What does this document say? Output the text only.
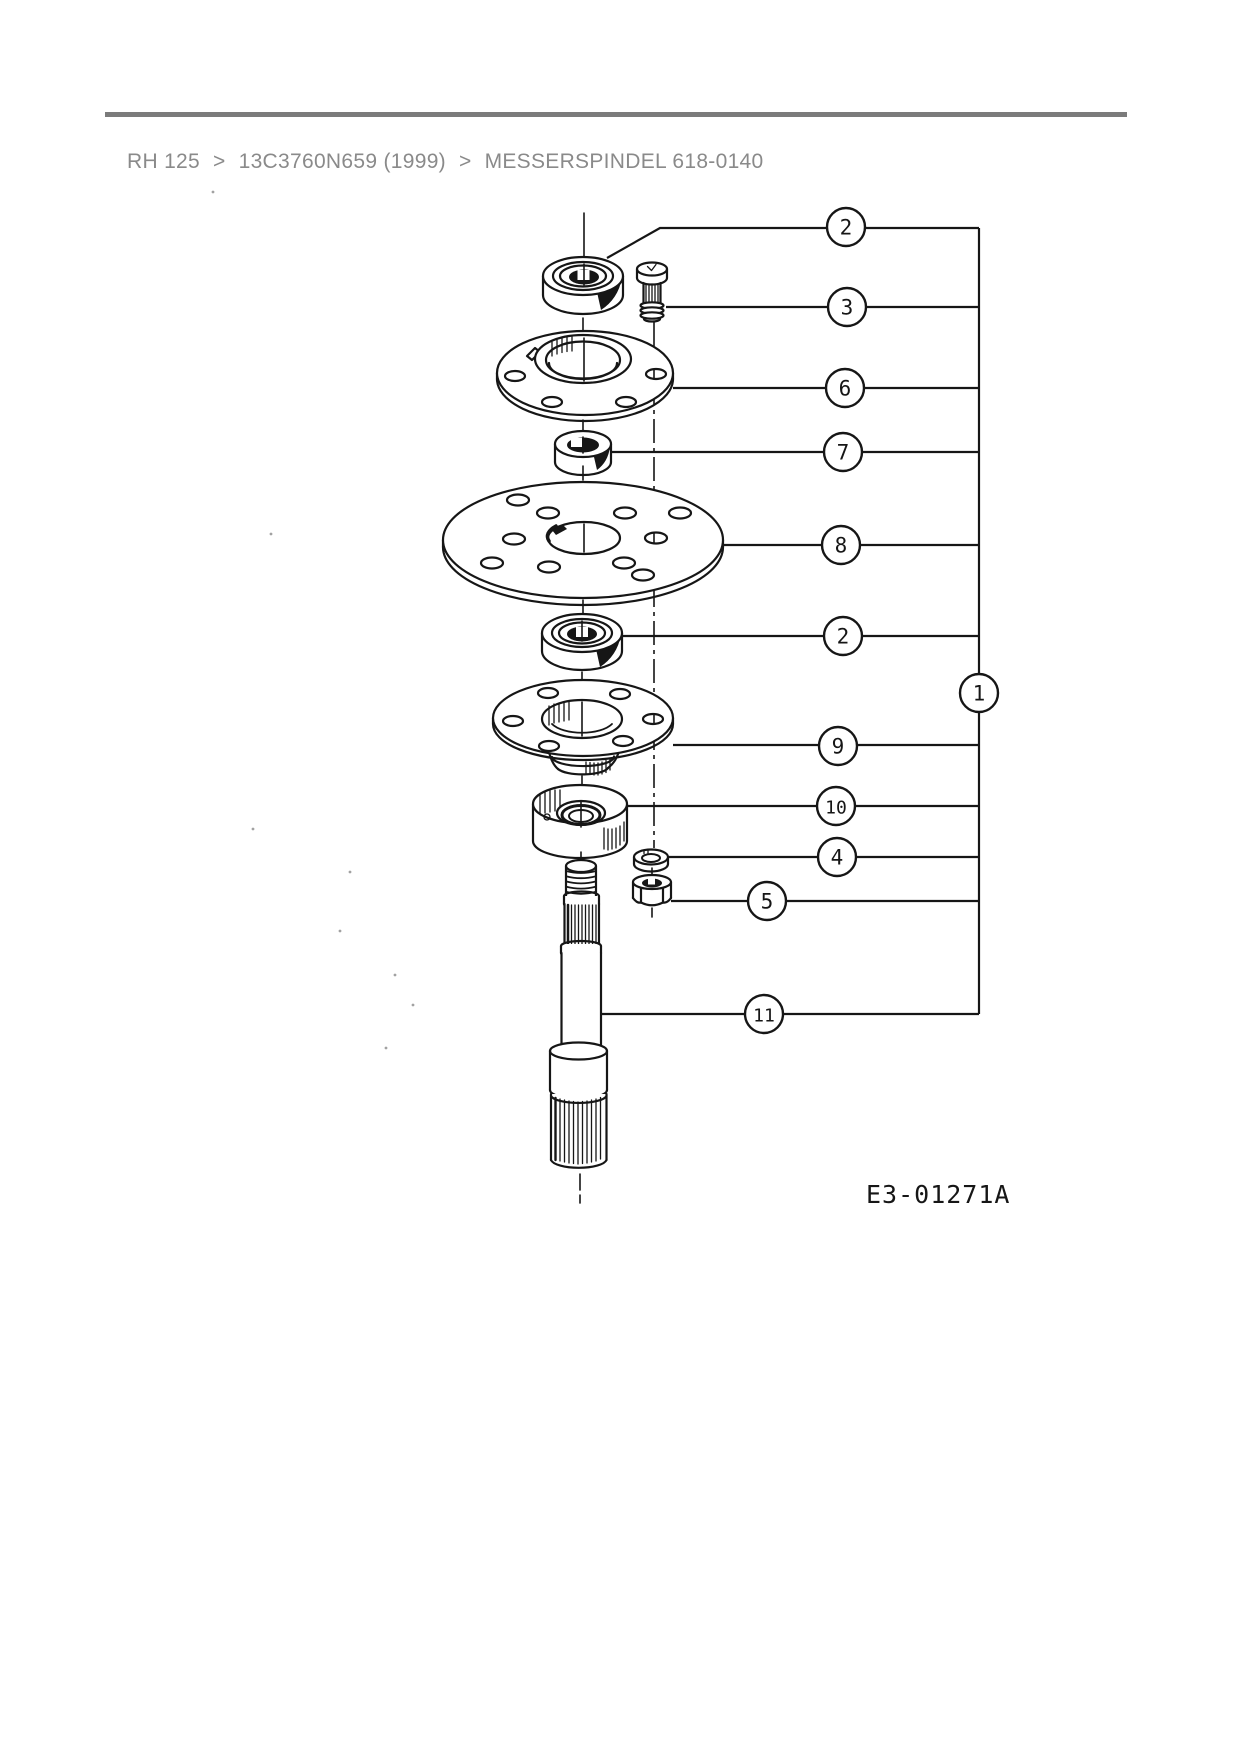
RH 125 > 13C3760N659 (1999) > MESSERSPINDEL 618-0140
2
3
6
7
8
2
1
9
10
4
5
11
E3-01271A
